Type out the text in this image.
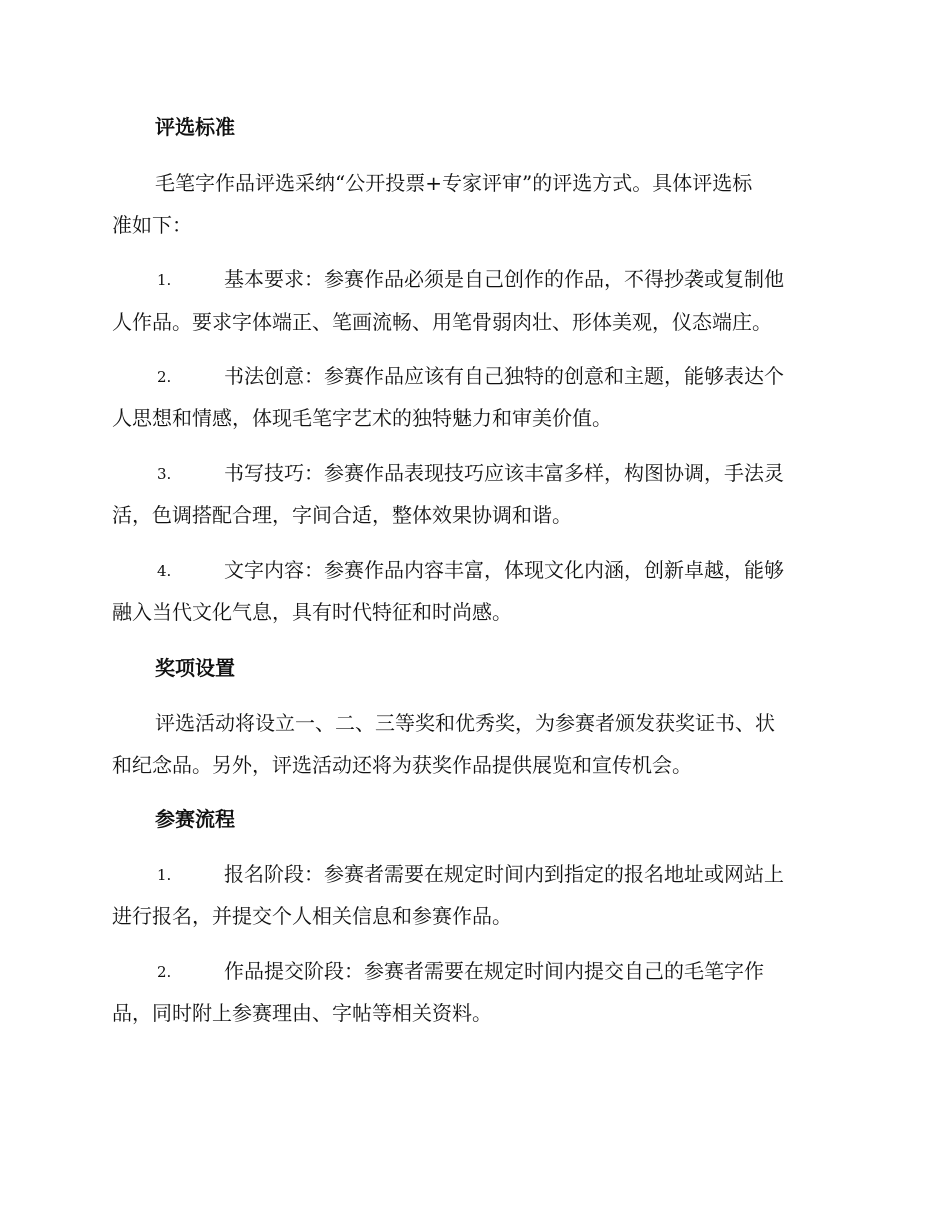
评选标准
毛笔字作品评选采纳“公开投票+专家评审”的评选方式。具体评选标
准如下：
1.	基本要求：参赛作品必须是自己创作的作品，不得抄袭或复制他
人作品。要求字体端正、笔画流畅、用笔骨弱肉壮、形体美观，仪态端庄。
2.	书法创意：参赛作品应该有自己独特的创意和主题，能够表达个
人思想和情感，体现毛笔字艺术的独特魅力和审美价值。
3.	书写技巧：参赛作品表现技巧应该丰富多样，构图协调，手法灵
活，色调搭配合理，字间合适，整体效果协调和谐。
4.	文字内容：参赛作品内容丰富，体现文化内涵，创新卓越，能够
融入当代文化气息，具有时代特征和时尚感。
奖项设置
评选活动将设立一、二、三等奖和优秀奖，为参赛者颁发获奖证书、状
和纪念品。另外，评选活动还将为获奖作品提供展览和宣传机会。
参赛流程
1.	报名阶段：参赛者需要在规定时间内到指定的报名地址或网站上
进行报名，并提交个人相关信息和参赛作品。
2.	作品提交阶段：参赛者需要在规定时间内提交自己的毛笔字作
品，同时附上参赛理由、字帖等相关资料。
